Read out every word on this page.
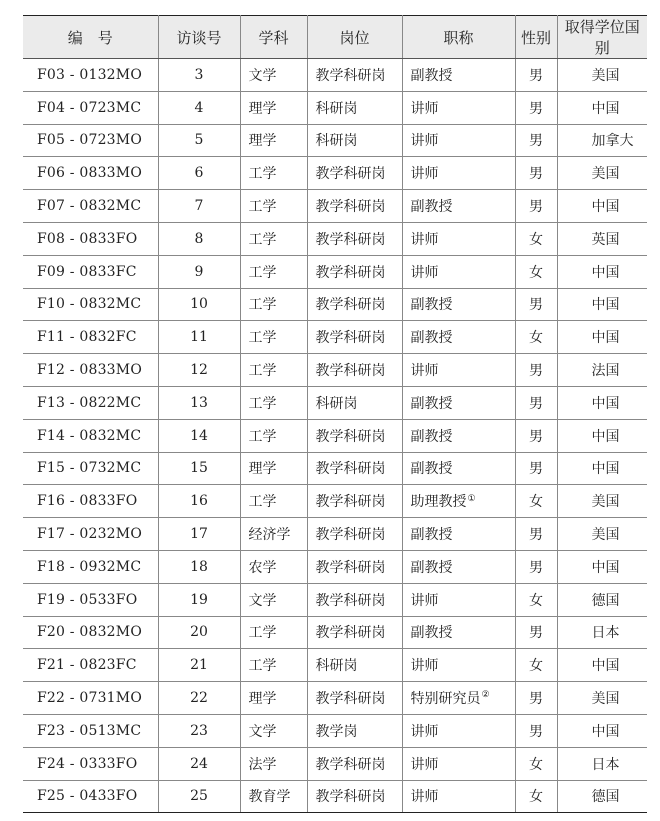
编　号	访谈号	学科	岗位	职称	性别	取得学位国别
F03 - 0132MO	3	文学	教学科研岗	副教授	男	美国
F04 - 0723MC	4	理学	科研岗	讲师	男	中国
F05 - 0723MO	5	理学	科研岗	讲师	男	加拿大
F06 - 0833MO	6	工学	教学科研岗	讲师	男	美国
F07 - 0832MC	7	工学	教学科研岗	副教授	男	中国
F08 - 0833FO	8	工学	教学科研岗	讲师	女	英国
F09 - 0833FC	9	工学	教学科研岗	讲师	女	中国
F10 - 0832MC	10	工学	教学科研岗	副教授	男	中国
F11 - 0832FC	11	工学	教学科研岗	副教授	女	中国
F12 - 0833MO	12	工学	教学科研岗	讲师	男	法国
F13 - 0822MC	13	工学	科研岗	副教授	男	中国
F14 - 0832MC	14	工学	教学科研岗	副教授	男	中国
F15 - 0732MC	15	理学	教学科研岗	副教授	男	中国
F16 - 0833FO	16	工学	教学科研岗	助理教授①	女	美国
F17 - 0232MO	17	经济学	教学科研岗	副教授	男	美国
F18 - 0932MC	18	农学	教学科研岗	副教授	男	中国
F19 - 0533FO	19	文学	教学科研岗	讲师	女	德国
F20 - 0832MO	20	工学	教学科研岗	副教授	男	日本
F21 - 0823FC	21	工学	科研岗	讲师	女	中国
F22 - 0731MO	22	理学	教学科研岗	特别研究员②	男	美国
F23 - 0513MC	23	文学	教学岗	讲师	男	中国
F24 - 0333FO	24	法学	教学科研岗	讲师	女	日本
F25 - 0433FO	25	教育学	教学科研岗	讲师	女	德国
